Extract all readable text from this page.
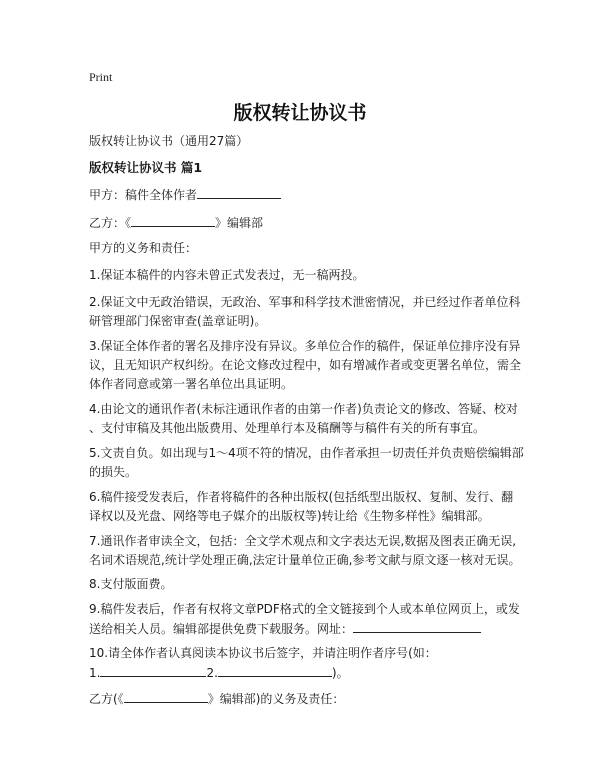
Print
版权转让协议书
版权转让协议书（通用27篇）
版权转让协议书 篇1
甲方：稿件全体作者
乙方：《	》编辑部
甲方的义务和责任：
1.保证本稿件的内容未曾正式发表过，无一稿两投。
2.保证文中无政治错误，无政治、军事和科学技术泄密情况，并已经过作者单位科
研管理部门保密审查(盖章证明)。
3.保证全体作者的署名及排序没有异议。多单位合作的稿件，保证单位排序没有异
议，且无知识产权纠纷。在论文修改过程中，如有增减作者或变更署名单位，需全
体作者同意或第一署名单位出具证明。
4.由论文的通讯作者(未标注通讯作者的由第一作者)负责论文的修改、答疑、校对
、支付审稿及其他出版费用、处理单行本及稿酬等与稿件有关的所有事宜。
5.文责自负。如出现与1～4项不符的情况，由作者承担一切责任并负责赔偿编辑部
的损失。
6.稿件接受发表后，作者将稿件的各种出版权(包括纸型出版权、复制、发行、翻
译权以及光盘、网络等电子媒介的出版权等)转让给《生物多样性》编辑部。
7.通讯作者审读全文，包括：全文学术观点和文字表达无误,数据及图表正确无误,
名词术语规范,统计学处理正确,法定计量单位正确,参考文献与原文逐一核对无误。
8.支付版面费。
9.稿件发表后，作者有权将文章PDF格式的全文链接到个人或本单位网页上，或发
送给相关人员。编辑部提供免费下载服务。网址：
10.请全体作者认真阅读本协议书后签字，并请注明作者序号(如：
1.	2.	)。
乙方(《	》编辑部)的义务及责任：
